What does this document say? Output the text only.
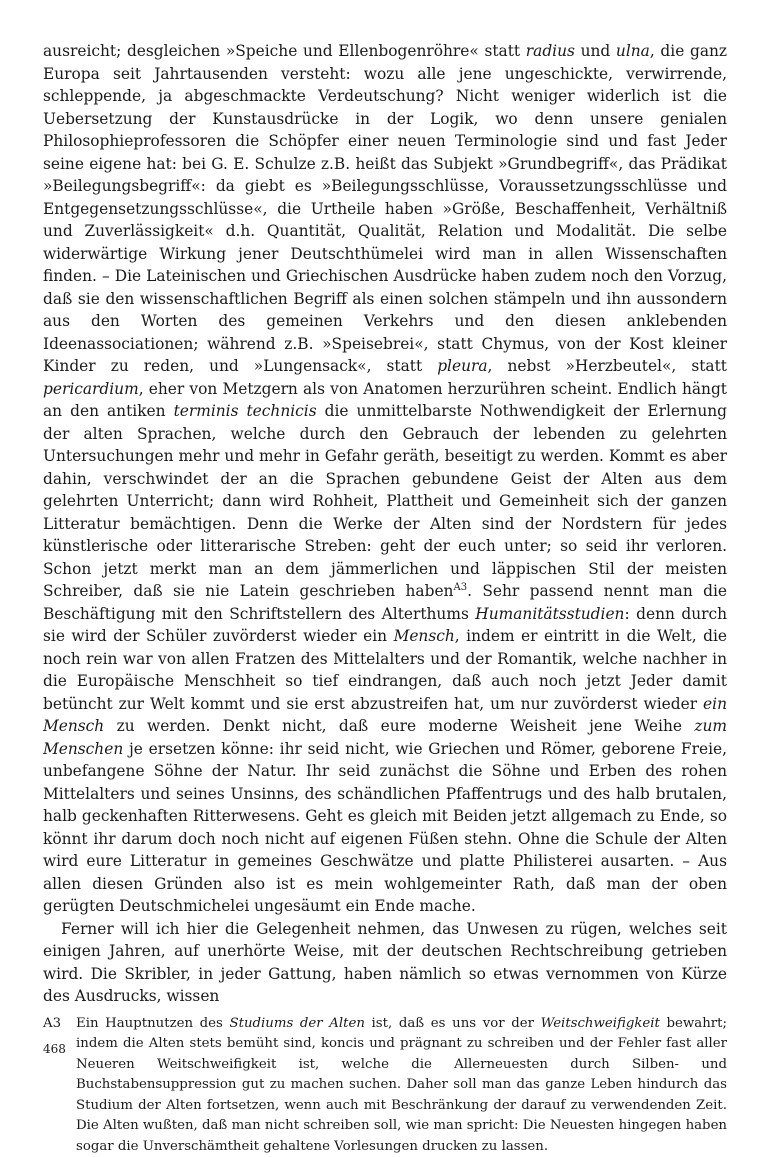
ausreicht; desgleichen »Speiche und Ellenbogenröhre« statt radius und ulna, die ganz Europa seit Jahrtausenden versteht: wozu alle jene ungeschickte, verwirrende, schleppende, ja abgeschmackte Verdeutschung? Nicht weniger widerlich ist die Uebersetzung der Kunstausdrücke in der Logik, wo denn unsere genialen Philosophieprofessoren die Schöpfer einer neuen Terminologie sind und fast Jeder seine eigene hat: bei G. E. Schulze z.B. heißt das Subjekt »Grundbegriff«, das Prädikat »Beilegungsbegriff«: da giebt es »Beilegungsschlüsse, Voraussetzungsschlüsse und Entgegensetzungsschlüsse«, die Urtheile haben »Größe, Beschaffenheit, Verhältniß und Zuverlässigkeit« d.h. Quantität, Qualität, Relation und Modalität. Die selbe widerwärtige Wirkung jener Deutschthümelei wird man in allen Wissenschaften finden. – Die Lateinischen und Griechischen Ausdrücke haben zudem noch den Vorzug, daß sie den wissenschaftlichen Begriff als einen solchen stämpeln und ihn aussondern aus den Worten des gemeinen Verkehrs und den diesen anklebenden Ideenassociationen; während z.B. »Speisebrei«, statt Chymus, von der Kost kleiner Kinder zu reden, und »Lungensack«, statt pleura, nebst »Herzbeutel«, statt pericardium, eher von Metzgern als von Anatomen herzurühren scheint. Endlich hängt an den antiken terminis technicis die unmittelbarste Nothwendigkeit der Erlernung der alten Sprachen, welche durch den Gebrauch der lebenden zu gelehrten Untersuchungen mehr und mehr in Gefahr geräth, beseitigt zu werden. Kommt es aber dahin, verschwindet der an die Sprachen gebundene Geist der Alten aus dem gelehrten Unterricht; dann wird Rohheit, Plattheit und Gemeinheit sich der ganzen Litteratur bemächtigen. Denn die Werke der Alten sind der Nordstern für jedes künstlerische oder litterarische Streben: geht der euch unter; so seid ihr verloren. Schon jetzt merkt man an dem jämmerlichen und läppischen Stil der meisten Schreiber, daß sie nie Latein geschrieben haben$^{A3}$. Sehr passend nennt man die Beschäftigung mit den Schriftstellern des Alterthums Humanitätsstudien: denn durch sie wird der Schüler zuvörderst wieder ein Mensch, indem er eintritt in die Welt, die noch rein war von allen Fratzen des Mittelalters und der Romantik, welche nachher in die Europäische Menschheit so tief eindrangen, daß auch noch jetzt Jeder damit betüncht zur Welt kommt und sie erst abzustreifen hat, um nur zuvörderst wieder ein Mensch zu werden. Denkt nicht, daß eure moderne Weisheit jene Weihe zum Menschen je ersetzen könne: ihr seid nicht, wie Griechen und Römer, geborene Freie, unbefangene Söhne der Natur. Ihr seid zunächst die Söhne und Erben des rohen Mittelalters und seines Unsinns, des schändlichen Pfaffentrugs und des halb brutalen, halb geckenhaften Ritterwesens. Geht es gleich mit Beiden jetzt allgemach zu Ende, so könnt ihr darum doch noch nicht auf eigenen Füßen stehn. Ohne die Schule der Alten wird eure Litteratur in gemeines Geschwätze und platte Philisterei ausarten. – Aus allen diesen Gründen also ist es mein wohlgemeinter Rath, daß man der oben gerügten Deutschmichelei ungesäumt ein Ende mache.

Ferner will ich hier die Gelegenheit nehmen, das Unwesen zu rügen, welches seit einigen Jahren, auf unerhörte Weise, mit der deutschen Rechtschreibung getrieben wird. Die Skribler, in jeder Gattung, haben nämlich so etwas vernommen von Kürze des Ausdrucks, wissen

A3	Ein Hauptnutzen des Studiums der Alten ist, daß es uns vor der Weitschweifigkeit bewahrt; indem die Alten stets bemüht sind, koncis und prägnant zu schreiben und der Fehler fast aller Neueren Weitschweifigkeit ist, welche die Allerneuesten durch Silben- und Buchstabensuppression gut zu machen suchen. Daher soll man das ganze Leben hindurch das Studium der Alten fortsetzen, wenn auch mit Beschränkung der darauf zu verwendenden Zeit. Die Alten wußten, daß man nicht schreiben soll, wie man spricht: Die Neuesten hingegen haben sogar die Unverschämtheit gehaltene Vorlesungen drucken zu lassen.
468
